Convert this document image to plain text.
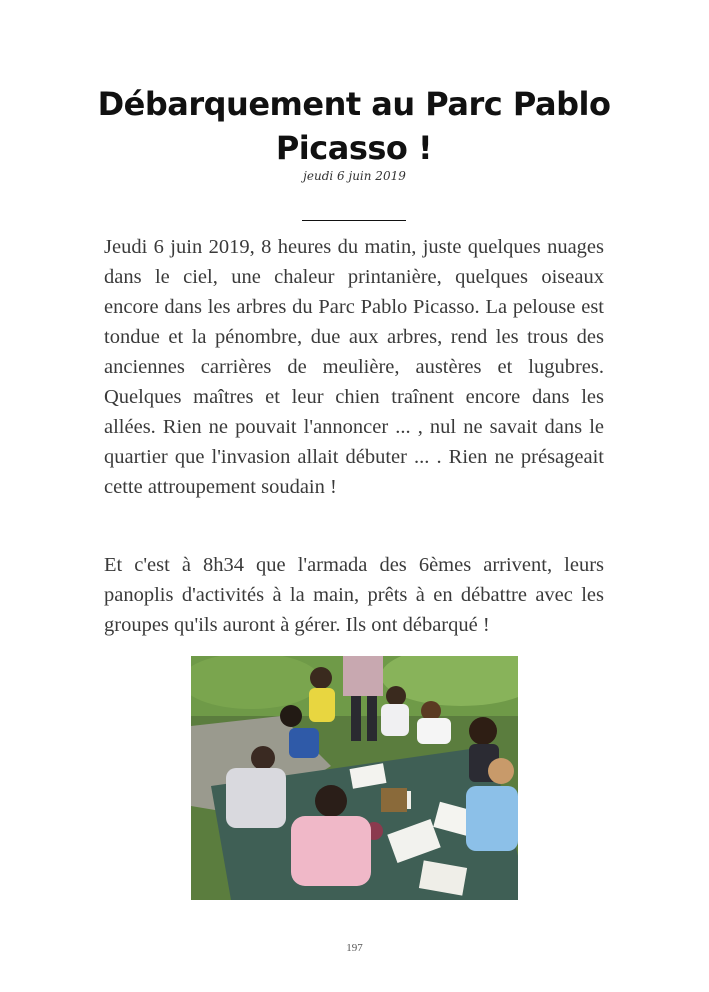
Débarquement au Parc Pablo Picasso !
jeudi 6 juin 2019

Jeudi 6 juin 2019, 8 heures du matin, juste quelques nuages dans le ciel, une chaleur printanière, quelques oiseaux encore dans les arbres du Parc Pablo Picasso. La pelouse est tondue et la pénombre, due aux arbres, rend les trous des anciennes carrières de meulière, austères et lugubres. Quelques maîtres et leur chien traînent encore dans les allées. Rien ne pouvait l'annoncer ... , nul ne savait dans le quartier que l'invasion allait débuter ... . Rien ne présageait cette attroupement soudain !

Et c'est à 8h34 que l'armada des 6èmes arrivent, leurs panoplis d'activités à la main, prêts à en débattre avec les groupes qu'ils auront à gérer. Ils ont débarqué !

197
